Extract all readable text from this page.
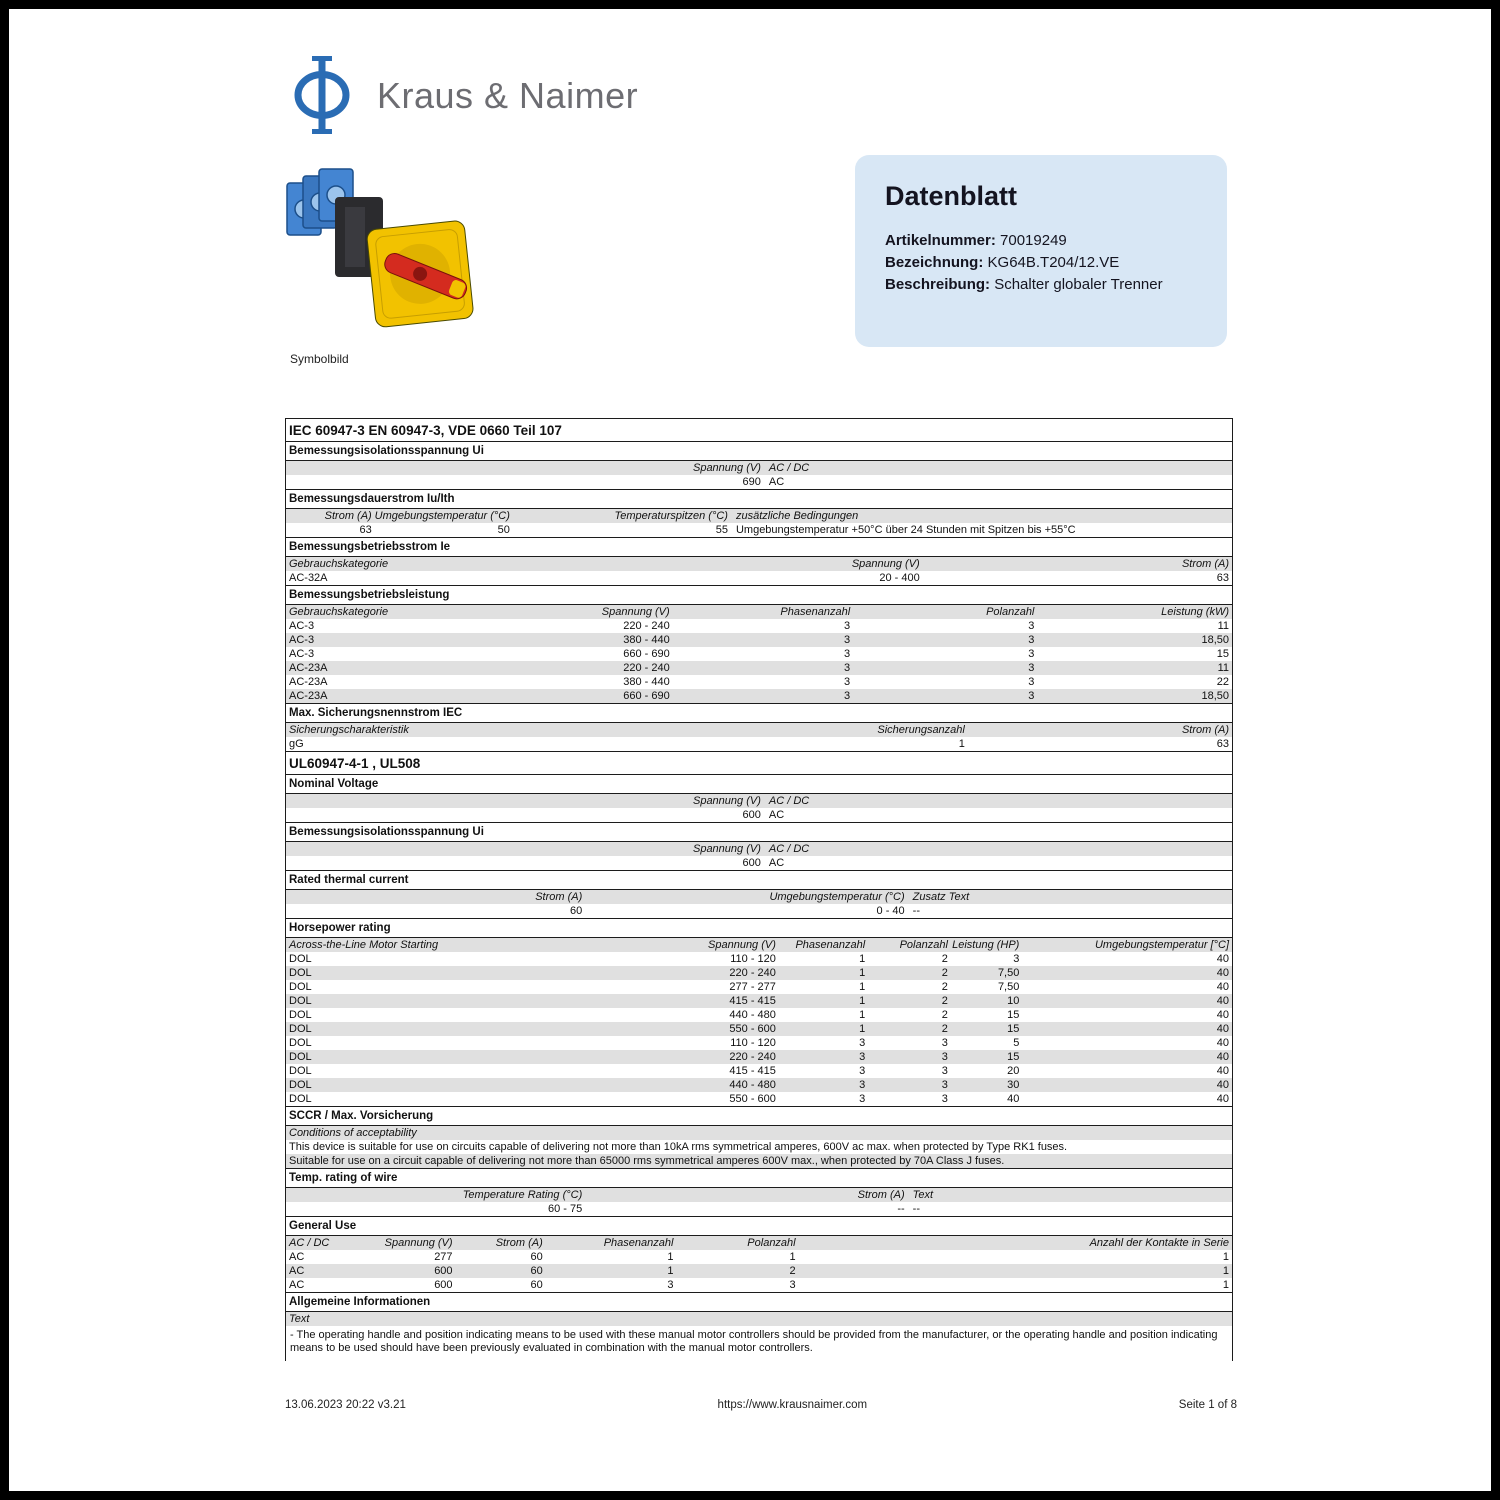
Kraus & Naimer
Symbolbild
Datenblatt
Artikelnummer: 70019249
Bezeichnung: KG64B.T204/12.VE
Beschreibung: Schalter globaler Trenner
IEC 60947-3 EN 60947-3, VDE 0660 Teil 107
Bemessungsisolationsspannung Ui
Spannung (V) AC / DC
690 AC
Bemessungsdauerstrom Iu/Ith
Strom (A) Umgebungstemperatur (°C)	Temperaturspitzen (°C) zusätzliche Bedingungen
63	50	55 Umgebungstemperatur +50°C über 24 Stunden mit Spitzen bis +55°C
Bemessungsbetriebsstrom Ie
Gebrauchskategorie	Spannung (V)	Strom (A)
AC-32A	20 - 400	63
Bemessungsbetriebsleistung
Gebrauchskategorie	Spannung (V)	Phasenanzahl	Polanzahl	Leistung (kW)
AC-3	220 - 240	3	3	11
AC-3	380 - 440	3	3	18,50
AC-3	660 - 690	3	3	15
AC-23A	220 - 240	3	3	11
AC-23A	380 - 440	3	3	22
AC-23A	660 - 690	3	3	18,50
Max. Sicherungsnennstrom IEC
Sicherungscharakteristik	Sicherungsanzahl	Strom (A)
gG	1	63
UL60947-4-1 , UL508
Nominal Voltage
Spannung (V) AC / DC
600 AC
Bemessungsisolationsspannung Ui
Spannung (V) AC / DC
600 AC
Rated thermal current
Strom (A)	Umgebungstemperatur (°C) Zusatz Text
60	0 - 40 --
Horsepower rating
Across-the-Line Motor Starting	Spannung (V)	Phasenanzahl	Polanzahl Leistung (HP)	Umgebungstemperatur [°C]
DOL	110 - 120	1	2	3	40
DOL	220 - 240	1	2	7,50	40
DOL	277 - 277	1	2	7,50	40
DOL	415 - 415	1	2	10	40
DOL	440 - 480	1	2	15	40
DOL	550 - 600	1	2	15	40
DOL	110 - 120	3	3	5	40
DOL	220 - 240	3	3	15	40
DOL	415 - 415	3	3	20	40
DOL	440 - 480	3	3	30	40
DOL	550 - 600	3	3	40	40
SCCR / Max. Vorsicherung
Conditions of acceptability
This device is suitable for use on circuits capable of delivering not more than 10kA rms symmetrical amperes, 600V ac max. when protected by Type RK1 fuses.
Suitable for use on a circuit capable of delivering not more than 65000 rms symmetrical amperes 600V max., when protected by 70A Class J fuses.
Temp. rating of wire
Temperature Rating (°C)	Strom (A) Text
60 - 75	-- --
General Use
AC / DC	Spannung (V)	Strom (A)	Phasenanzahl	Polanzahl	Anzahl der Kontakte in Serie
AC	277	60	1	1	1
AC	600	60	1	2	1
AC	600	60	3	3	1
Allgemeine Informationen
Text
- The operating handle and position indicating means to be used with these manual motor controllers should be provided from the manufacturer, or the operating handle and position indicating means to be used should have been previously evaluated in combination with the manual motor controllers.
13.06.2023 20:22 v3.21	https://www.krausnaimer.com	Seite 1 of 8
